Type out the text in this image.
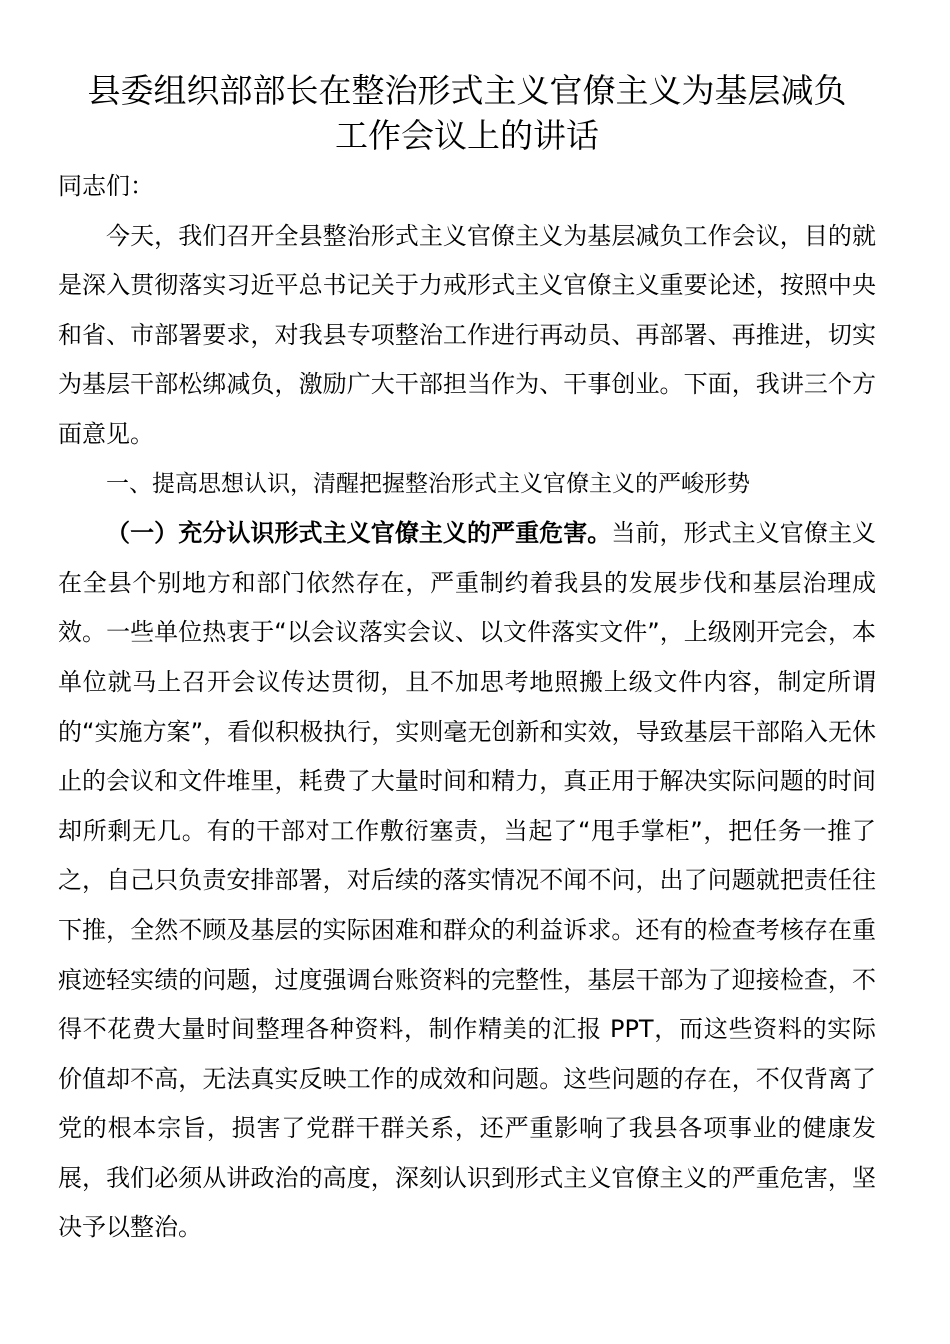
县委组织部部长在整治形式主义官僚主义为基层减负
工作会议上的讲话

同志们：

今天，我们召开全县整治形式主义官僚主义为基层减负工作会议，目的就是深入贯彻落实习近平总书记关于力戒形式主义官僚主义重要论述，按照中央和省、市部署要求，对我县专项整治工作进行再动员、再部署、再推进，切实为基层干部松绑减负，激励广大干部担当作为、干事创业。下面，我讲三个方面意见。

一、提高思想认识，清醒把握整治形式主义官僚主义的严峻形势

（一）充分认识形式主义官僚主义的严重危害。当前，形式主义官僚主义在全县个别地方和部门依然存在，严重制约着我县的发展步伐和基层治理成效。一些单位热衷于“以会议落实会议、以文件落实文件”，上级刚开完会，本单位就马上召开会议传达贯彻，且不加思考地照搬上级文件内容，制定所谓的“实施方案”，看似积极执行，实则毫无创新和实效，导致基层干部陷入无休止的会议和文件堆里，耗费了大量时间和精力，真正用于解决实际问题的时间却所剩无几。有的干部对工作敷衍塞责，当起了“甩手掌柜”，把任务一推了之，自己只负责安排部署，对后续的落实情况不闻不问，出了问题就把责任往下推，全然不顾及基层的实际困难和群众的利益诉求。还有的检查考核存在重痕迹轻实绩的问题，过度强调台账资料的完整性，基层干部为了迎接检查，不得不花费大量时间整理各种资料，制作精美的汇报 PPT，而这些资料的实际价值却不高，无法真实反映工作的成效和问题。这些问题的存在，不仅背离了党的根本宗旨，损害了党群干群关系，还严重影响了我县各项事业的健康发展，我们必须从讲政治的高度，深刻认识到形式主义官僚主义的严重危害，坚决予以整治。
